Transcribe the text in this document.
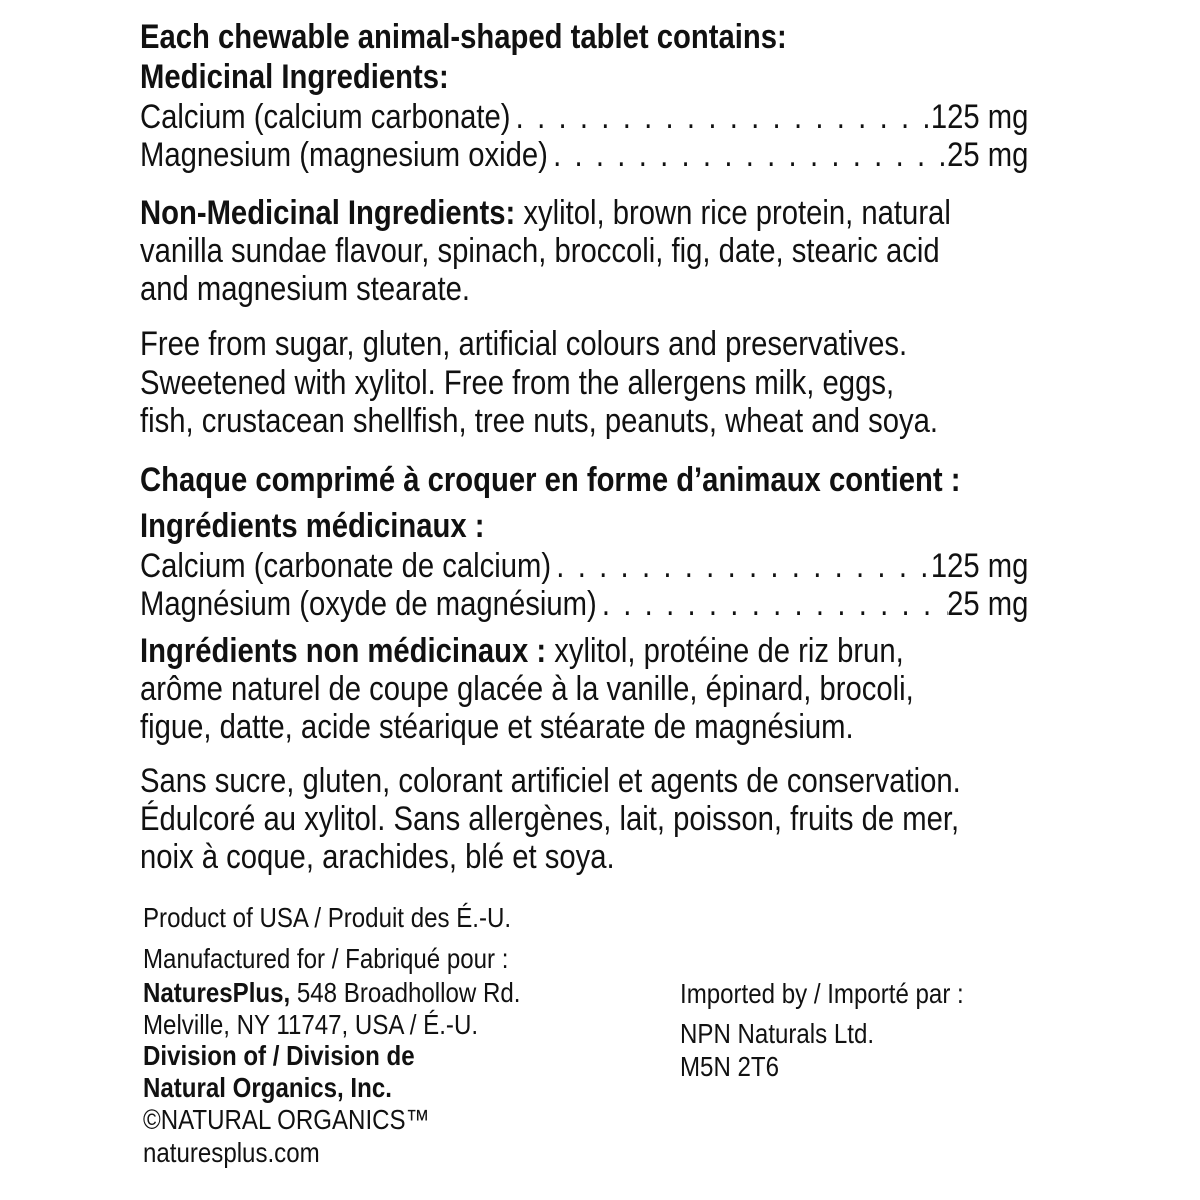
Each chewable animal-shaped tablet contains:
Medicinal Ingredients:
Calcium (calcium carbonate) . . .	125 mg
Magnesium (magnesium oxide) . . .	25 mg
Non-Medicinal Ingredients: xylitol, brown rice protein, natural
vanilla sundae flavour, spinach, broccoli, fig, date, stearic acid
and magnesium stearate.
Free from sugar, gluten, artificial colours and preservatives.
Sweetened with xylitol. Free from the allergens milk, eggs,
fish, crustacean shellfish, tree nuts, peanuts, wheat and soya.
Chaque comprimé à croquer en forme d’animaux contient :
Ingrédients médicinaux :
Calcium (carbonate de calcium) . . .	125 mg
Magnésium (oxyde de magnésium) . . .	25 mg
Ingrédients non médicinaux : xylitol, protéine de riz brun,
arôme naturel de coupe glacée à la vanille, épinard, brocoli,
figue, datte, acide stéarique et stéarate de magnésium.
Sans sucre, gluten, colorant artificiel et agents de conservation.
Édulcoré au xylitol. Sans allergènes, lait, poisson, fruits de mer,
noix à coque, arachides, blé et soya.
Product of USA / Produit des É.-U.
Manufactured for / Fabriqué pour :
NaturesPlus, 548 Broadhollow Rd.
Melville, NY 11747, USA / É.-U.
Division of / Division de
Natural Organics, Inc.
©NATURAL ORGANICS™
naturesplus.com
Imported by / Importé par :
NPN Naturals Ltd.
M5N 2T6
